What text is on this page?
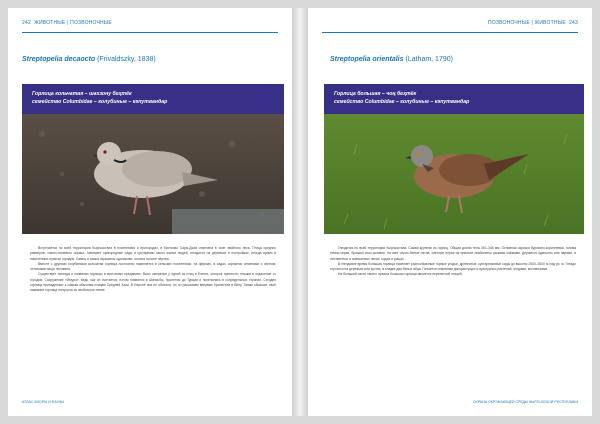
242 ЖИВОТНЫЕ | ПОЗВОНОЧНЫЕ
Streptopelia decaocto (Frivaldszky, 1838)
Горлица кольчатая – шахзону беҳтёк
семейство Columbidae – голубиные – кәпутвандар

Встречается по всей территории Кыргызстана в поселениях и пригородах, в биотопах Сары-Джаз отмечена в зоне хвойного леса. Птица средних размеров, сизого-палевого окраса. Занимает пригородные сады и кустарники около жилья людей, гнездится на деревьях и постройках, иногда прямо в населённых пунктах городов. Самец и самка окрашены одинаково, полоса на шее чёрная.

Вместе с другими голубиными кольчатая горлица постоянно появляется в сельских поселениях, на фермах, в садах, кормится семенами и зерном, остатками пищи человека.

Существует легенда о названии горлицы в восточных преданиях: было ожерелье у одной из птиц в Египте, которое принесло пташка в отдаление от городов. Сооружение «Имуро», ведь, как он считается, потом появился в Шансьбы, пролетом до Турции и поселилась в сопредельных странах. Сегодня горлица принадлежит к самым обычным птицам Средней Азии. В Европе она не обитала, но по рассказам впервые прилетела в Вену. Таким образом, своё название горлица получила за необычное пение.

АТЛАС ФЛОРЫ И ФАУНЫ
ПОЗВОНОЧНЫЕ | ЖИВОТНЫЕ 243
Streptopelia orientalis (Latham, 1790)
Горлица большая – чоң беҳтёк
семейство Columbidae – голубиные – кәпутвандар

Гнездится по всей территории Кыргызстана. Самая крупная из горлиц. Общая длина тела 340–345 мм. Основная окраска буровато-коричневая, голова темно-серая, брюшко сизо-розовое, на шее черно-белые пятна, светлые перья на крыльях окаймлены рыжими каймами. Держится одиночно или парами, в лиственных и смешанных лесах, садах и рощах.

В гнездовое время большая горлица населяет разнообразные горные угодья, древесные, кустарниковые сады до высоты 2500–3000 м над ур. м. Гнездо строится на деревьях или кустах, в кладке два белых яйца. Питается семенами дикорастущих и культурных растений, ягодами, моллюсками.

На большей части своего ареала большая горлица является перелетной птицей.

ОХРАНА ОКРУЖАЮЩЕЙ СРЕДЫ КЫРГЫЗСКОЙ РЕСПУБЛИКИ
